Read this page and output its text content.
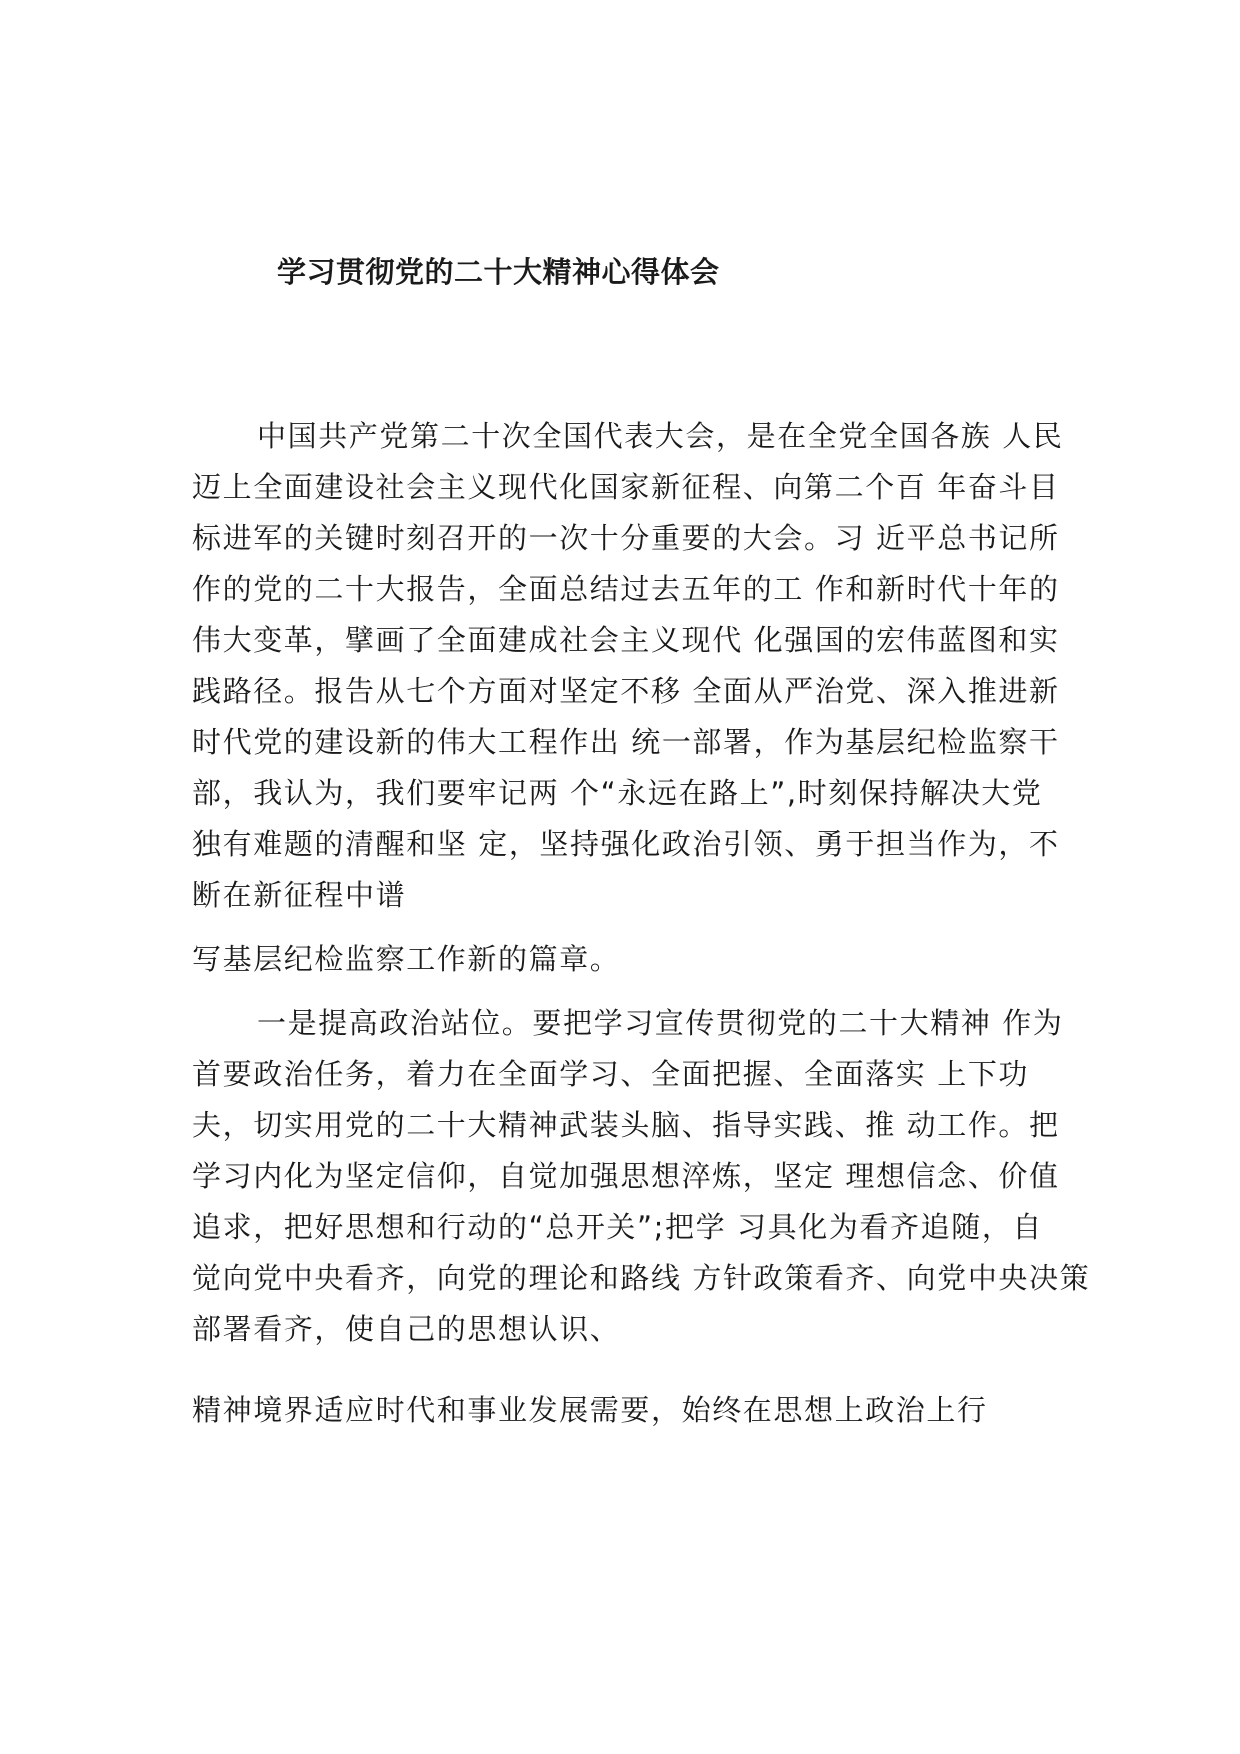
学习贯彻党的二十大精神心得体会

中国共产党第二十次全国代表大会，是在全党全国各族 人民

迈上全面建设社会主义现代化国家新征程、向第二个百 年奋斗目

标进军的关键时刻召开的一次十分重要的大会。习 近平总书记所

作的党的二十大报告，全面总结过去五年的工 作和新时代十年的

伟大变革，擘画了全面建成社会主义现代 化强国的宏伟蓝图和实

践路径。报告从七个方面对坚定不移 全面从严治党、深入推进新

时代党的建设新的伟大工程作出 统一部署，作为基层纪检监察干

部，我认为，我们要牢记两 个“永远在路上”,时刻保持解决大党

独有难题的清醒和坚 定，坚持强化政治引领、勇于担当作为，不

断在新征程中谱

写基层纪检监察工作新的篇章。

一是提高政治站位。要把学习宣传贯彻党的二十大精神 作为

首要政治任务，着力在全面学习、全面把握、全面落实 上下功

夫，切实用党的二十大精神武装头脑、指导实践、推 动工作。把

学习内化为坚定信仰，自觉加强思想淬炼，坚定 理想信念、价值

追求，把好思想和行动的“总开关”;把学 习具化为看齐追随，自

觉向党中央看齐，向党的理论和路线 方针政策看齐、向党中央决策

部署看齐，使自己的思想认识、

精神境界适应时代和事业发展需要，始终在思想上政治上行
